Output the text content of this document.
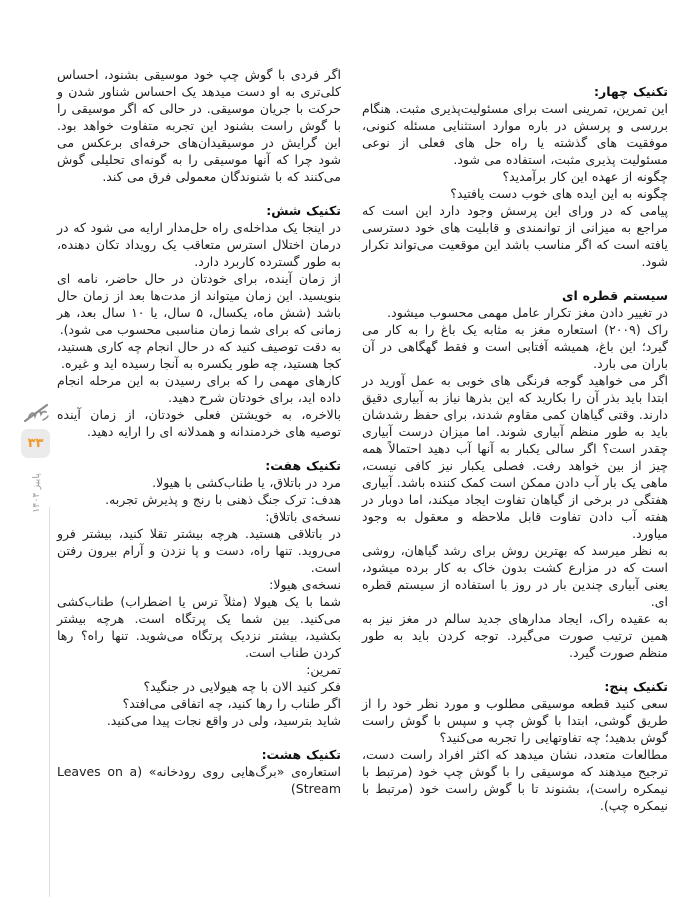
۳۳
پاییز ۱۴۰۴
تکنیک چهار:
این تمرین، تمرینی است برای مسئولیت‌پذیری مثبت. هنگام بررسی و پرسش در باره موارد استثنایی مسئله کنونی، موفقیت های گذشته یا راه حل های فعلی از نوعی مسئولیت پذیری مثبت، استفاده می شود.
چگونه از عهده این کار برآمدید؟
چگونه به این ایده های خوب دست یافتید؟
پیامی که در ورای این پرسش وجود دارد این است که مراجع به میزانی از توانمندی و قابلیت های خود دسترسی یافته است که اگر مناسب باشد این موقعیت می‌تواند تکرار شود.
سیستم قطره ای
در تغییر دادن مغز تکرار عامل مهمی محسوب میشود.
راک (۲۰۰۹) استعاره مغز به مثابه یک باغ را به کار می گیرد؛ این باغ، همیشه آفتابی است و فقط گهگاهی در آن باران می بارد.
اگر می خواهید گوجه فرنگی های خوبی به عمل آورید در ابتدا باید بذر آن را بکارید که این بذرها نیاز به آبیاری دقیق دارند. وقتی گیاهان کمی مقاوم شدند، برای حفظ رشدشان باید به طور منظم آبیاری شوند. اما میزان درست آبیاری چقدر است؟ اگر سالی یکبار به آنها آب دهید احتمالاً همه چیز از بین خواهد رفت. فصلی یکبار نیز کافی نیست، ماهی یک بار آب دادن ممکن است کمک کننده باشد. آبیاری هفتگی در برخی از گیاهان تفاوت ایجاد میکند، اما دوبار در هفته آب دادن تفاوت قابل ملاحظه و معقول به وجود میاورد.
به نظر میرسد که بهترین روش برای رشد گیاهان، روشی است که در مزارع کشت بدون خاک به کار برده میشود، یعنی آبیاری چندین بار در روز با استفاده از سیستم قطره ای.
به عقیده راک، ایجاد مدارهای جدید سالم در مغز نیز به همین ترتیب صورت می‌گیرد. توجه کردن باید به طور منظم صورت گیرد.
تکنیک پنج:
سعی کنید قطعه موسیقی مطلوب و مورد نظر خود را از طریق گوشی، ابتدا با گوش چپ و سپس با گوش راست گوش بدهید؛ چه تفاوتهایی را تجربه می‌کنید؟
مطالعات متعدد، نشان میدهد که اکثر افراد راست دست، ترجیح میدهند که موسیقی را با گوش چپ خود (مرتبط با نیمکره راست)، بشنوند تا با گوش راست خود (مرتبط با نیمکره چپ).
اگر فردی با گوش چپ خود موسیقی بشنود، احساس کلی‌تری به او دست میدهد یک احساس شناور شدن و حرکت با جریان موسیقی. در حالی که اگر موسیقی را با گوش راست بشنود این تجربه متفاوت خواهد بود. این گرایش در موسیقیدان‌های حرفه‌ای برعکس می شود چرا که آنها موسیقی را به گونه‌ای تحلیلی گوش می‌کنند که با شنوندگان معمولی فرق می کند.
تکنیک شش:
در اینجا یک مداخله‌ی راه حل‌مدار ارایه می شود که در درمان اختلال استرس متعاقب یک رویداد تکان دهنده، به طور گسترده کاربرد دارد.
از زمان آینده، برای خودتان در حال حاضر، نامه ای بنویسید. این زمان میتواند از مدت‌ها بعد از زمان حال باشد (شش ماه، یکسال، ۵ سال، یا ۱۰ سال بعد، هر زمانی که برای شما زمان مناسبی محسوب می شود).
به دقت توصیف کنید که در حال انجام چه کاری هستید، کجا هستید، چه طور یکسره به آنجا رسیده اید و غیره.
کارهای مهمی را که برای رسیدن به این مرحله انجام داده اید، برای خودتان شرح دهید.
بالاخره، به خویشتن فعلی خودتان، از زمان آینده توصیه های خردمندانه و همدلانه ای را ارایه دهید.
تکنیک هفت:
مرد در باتلاق، یا طناب‌کشی با هیولا.
هدف: ترک جنگ ذهنی با رنج و پذیرش تجربه.
نسخه‌ی باتلاق:
در باتلاقی هستید. هرچه بیشتر تقلا کنید، بیشتر فرو می‌روید. تنها راه، دست و پا نزدن و آرام بیرون رفتن است.
نسخه‌ی هیولا:
شما با یک هیولا (مثلاً ترس یا اضطراب) طناب‌کشی می‌کنید. بین شما یک پرتگاه است. هرچه بیشتر بکشید، بیشتر نزدیک پرتگاه می‌شوید. تنها راه؟ رها کردن طناب است.
تمرین:
فکر کنید الان با چه هیولایی در جنگید؟
اگر طناب را رها کنید، چه اتفاقی می‌افتد؟
شاید بترسید، ولی در واقع نجات پیدا می‌کنید.
تکنیک هشت:
استعاره‌ی «برگ‌هایی روی رودخانه» (Leaves on a Stream)
